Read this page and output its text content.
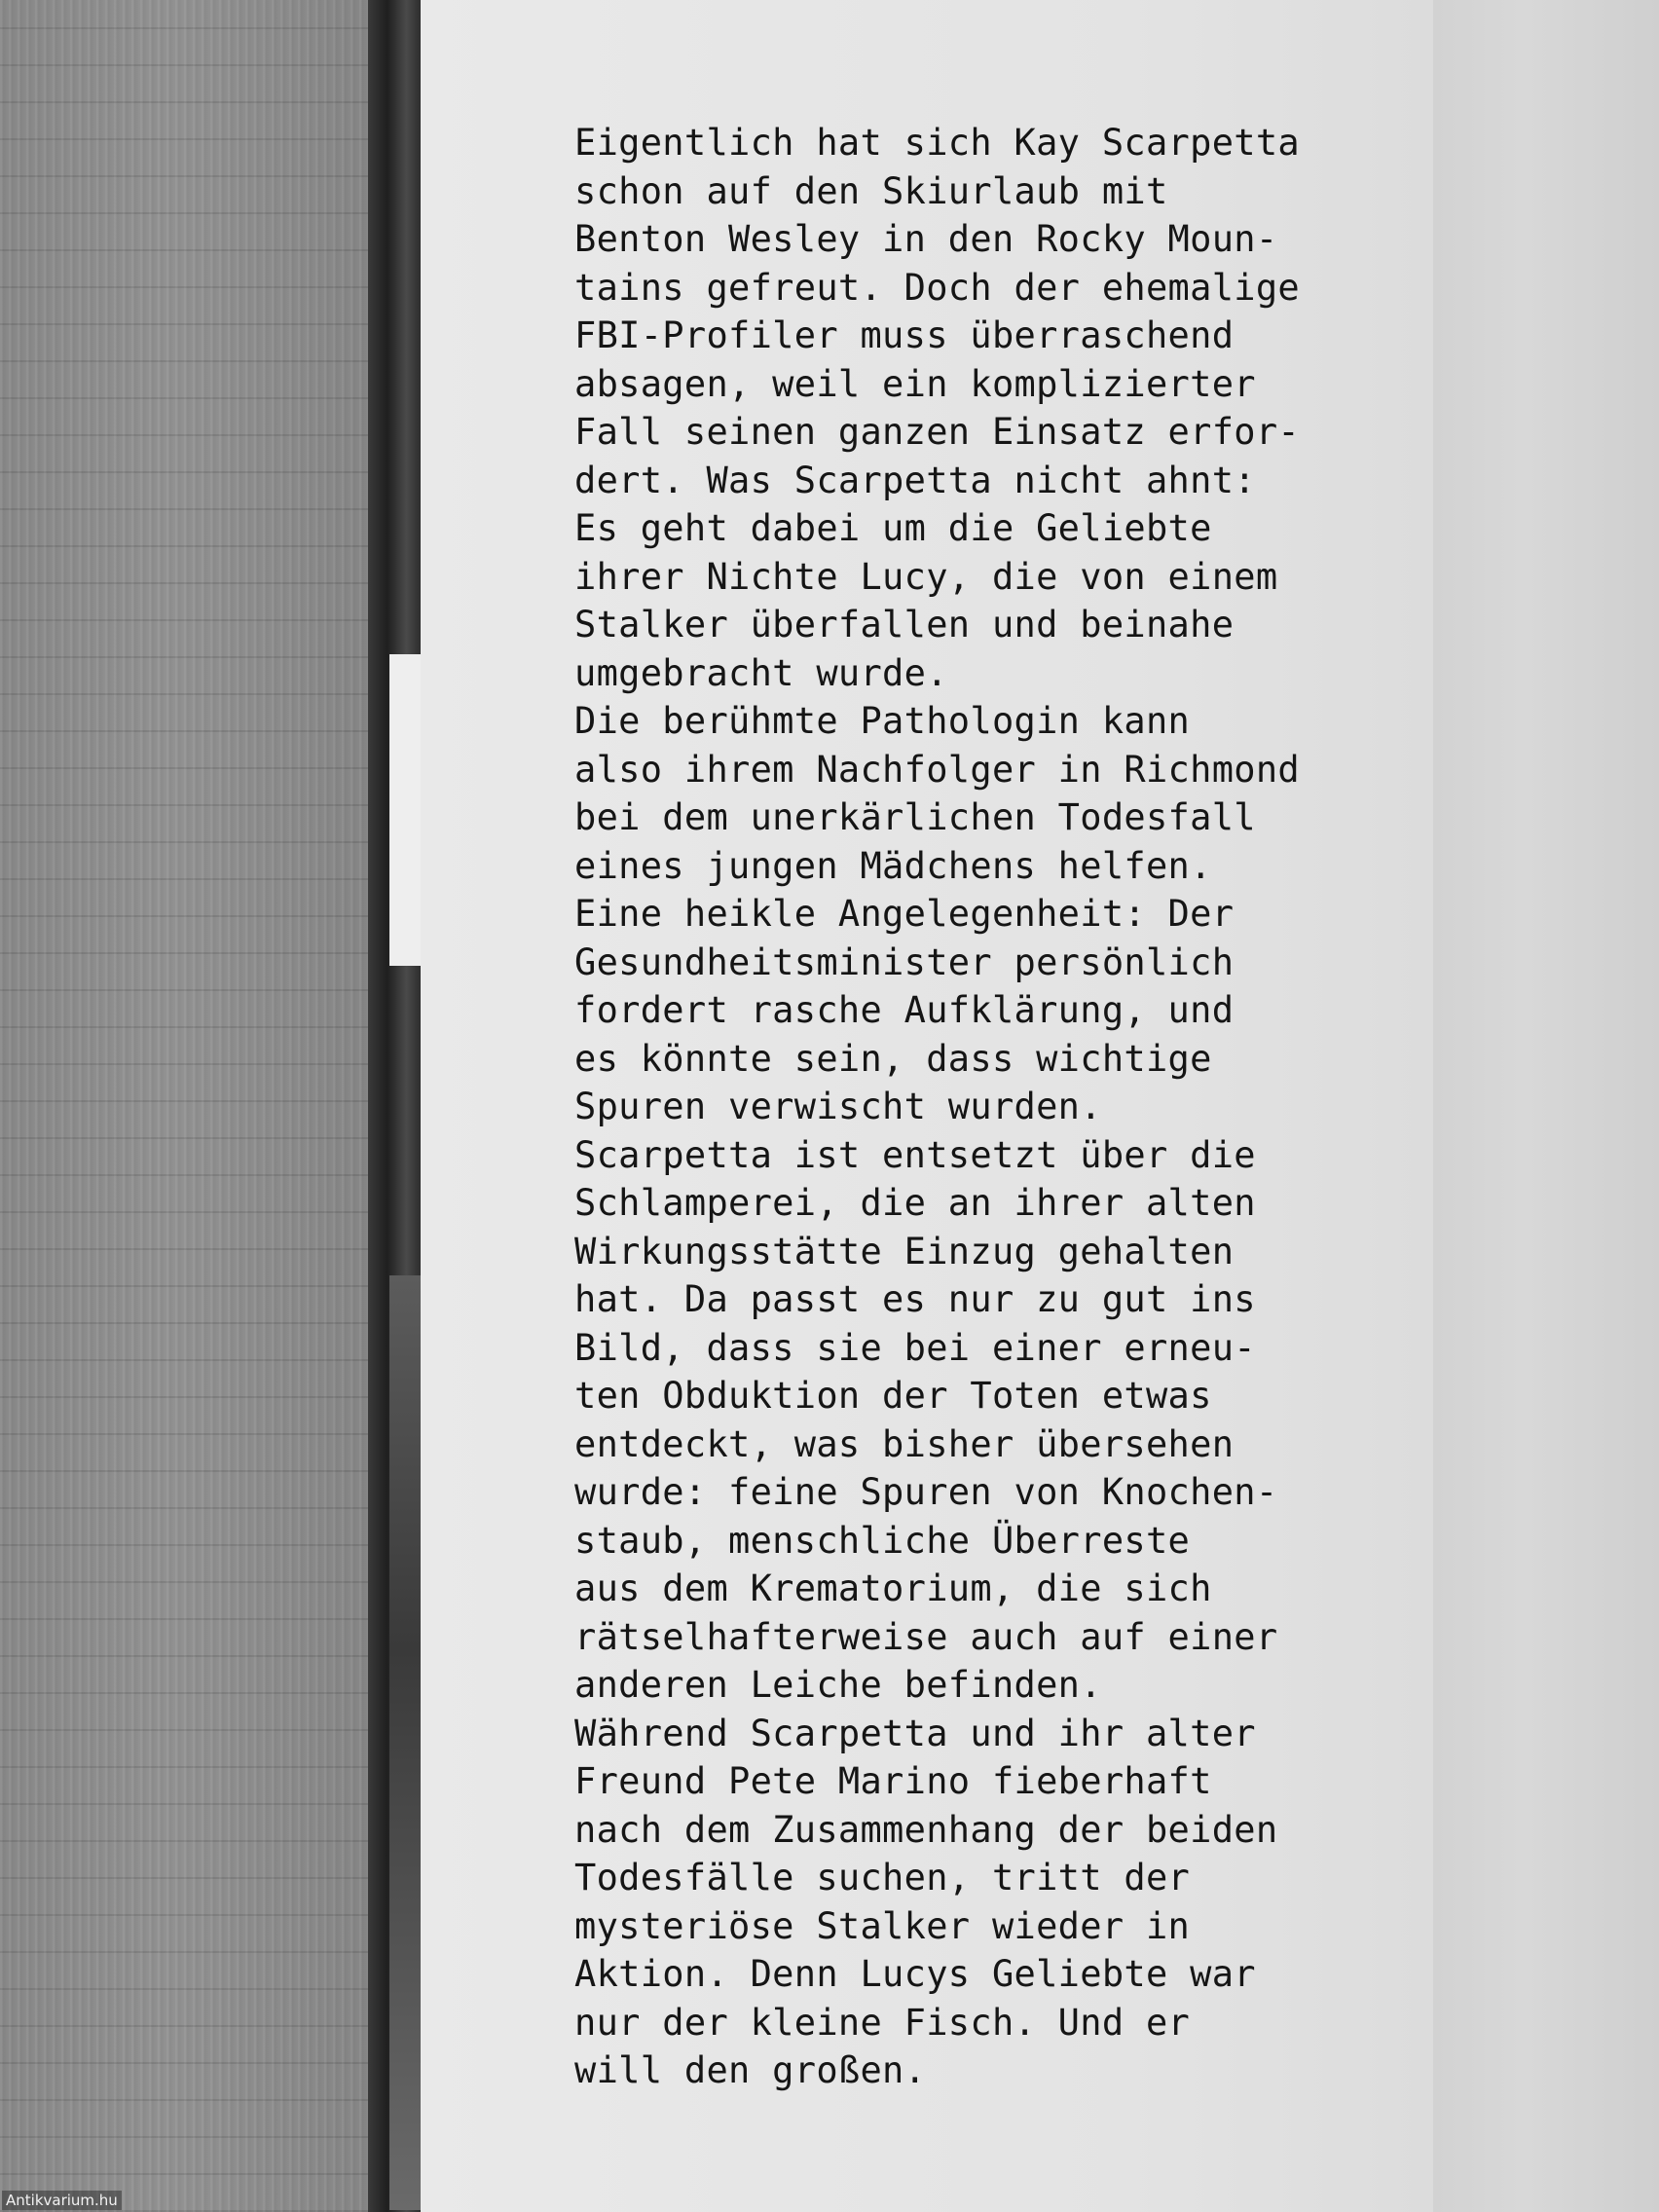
Eigentlich hat sich Kay Scarpetta
schon auf den Skiurlaub mit
Benton Wesley in den Rocky Moun-
tains gefreut. Doch der ehemalige
FBI-Profiler muss überraschend
absagen, weil ein komplizierter
Fall seinen ganzen Einsatz erfor-
dert. Was Scarpetta nicht ahnt:
Es geht dabei um die Geliebte
ihrer Nichte Lucy, die von einem
Stalker überfallen und beinahe
umgebracht wurde.
Die berühmte Pathologin kann
also ihrem Nachfolger in Richmond
bei dem unerkärlichen Todesfall
eines jungen Mädchens helfen.
Eine heikle Angelegenheit: Der
Gesundheitsminister persönlich
fordert rasche Aufklärung, und
es könnte sein, dass wichtige
Spuren verwischt wurden.
Scarpetta ist entsetzt über die
Schlamperei, die an ihrer alten
Wirkungsstätte Einzug gehalten
hat. Da passt es nur zu gut ins
Bild, dass sie bei einer erneu-
ten Obduktion der Toten etwas
entdeckt, was bisher übersehen
wurde: feine Spuren von Knochen-
staub, menschliche Überreste
aus dem Krematorium, die sich
rätselhafterweise auch auf einer
anderen Leiche befinden.
Während Scarpetta und ihr alter
Freund Pete Marino fieberhaft
nach dem Zusammenhang der beiden
Todesfälle suchen, tritt der
mysteriöse Stalker wieder in
Aktion. Denn Lucys Geliebte war
nur der kleine Fisch. Und er
will den großen.
Antikvarium.hu
